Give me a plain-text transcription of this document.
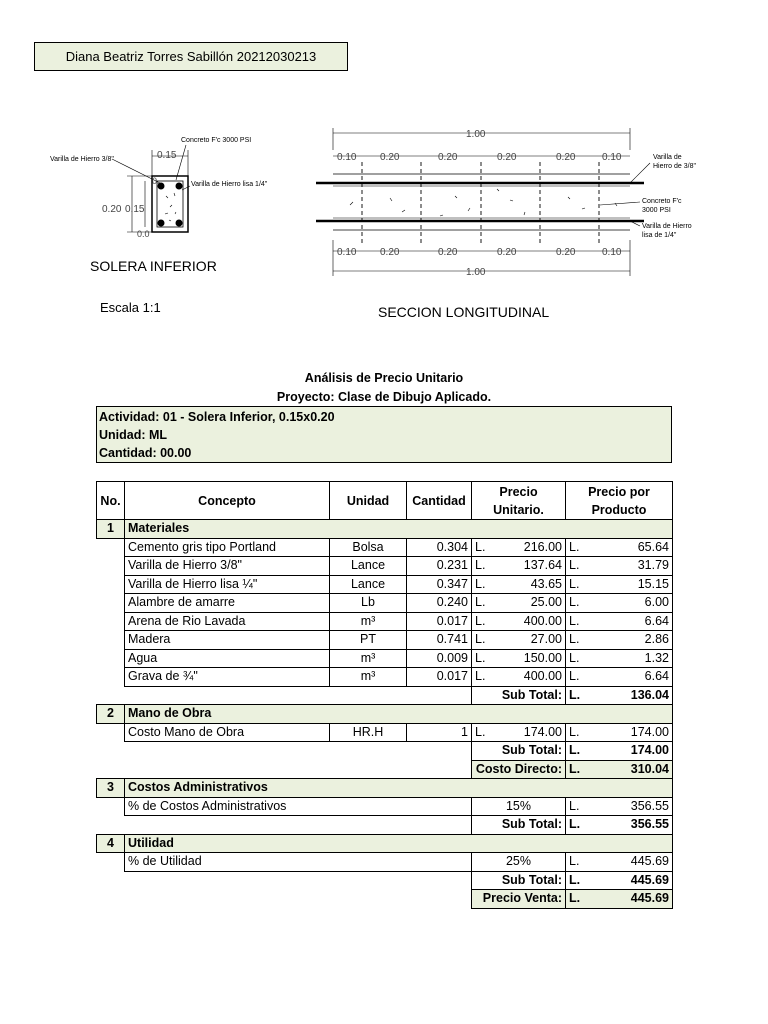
Diana Beatriz Torres Sabillón 20212030213
Concreto F'c 3000 PSI
Varilla de Hierro 3/8"
Varilla de Hierro lisa 1/4"
0.15
0.20 0.15
0.
0.0
SOLERA INFERIOR
1.00
1.00
0.10 0.20	0.20	0.20	0.20	0.10
0.10 0.20	0.20	0.20	0.20	0.10
Varilla de
Hierro de 3/8"
Concreto F'c
3000 PSI
Varilla de Hierro
lisa de 1/4"
SECCION LONGITUDINAL
Escala 1:1
Análisis de Precio Unitario
Proyecto: Clase de Dibujo Aplicado.
Actividad: 01 - Solera Inferior, 0.15x0.20
Unidad: ML
Cantidad: 00.00
No.	Concepto	Unidad	Cantidad	Precio Unitario.	Precio por Producto
1	Materiales				
	Cemento gris tipo Portland	Bolsa	0.304	L. 216.00	L. 65.64

	Varilla de Hierro 3/8"	Lance	0.231	L. 137.64	L. 31.79

	Varilla de Hierro lisa ¼"	Lance	0.347	L. 43.65	L. 15.15

	Alambre de amarre	Lb	0.240	L. 25.00	L. 6.00

	Arena de Rio Lavada	m³	0.017	L. 400.00	L. 6.64

	Madera	PT	0.741	L. 27.00	L. 2.86

	Agua	m³	0.009	L. 150.00	L. 1.32

	Grava de ¾"	m³	0.017	L. 400.00	L. 6.64

				Sub Total:	L. 136.04

2	Mano de Obra				
	Costo Mano de Obra	HR.H	1	L. 174.00	L. 174.00

				Sub Total:	L. 174.00

				Costo Directo:	L. 310.04

3	Costos Administrativos				
	% de Costos Administrativos			15%	L. 356.55

				Sub Total:	L. 356.55

4	Utilidad				
	% de Utilidad			25%	L. 445.69

				Sub Total:	L. 445.69

				Precio Venta:	L. 445.69
